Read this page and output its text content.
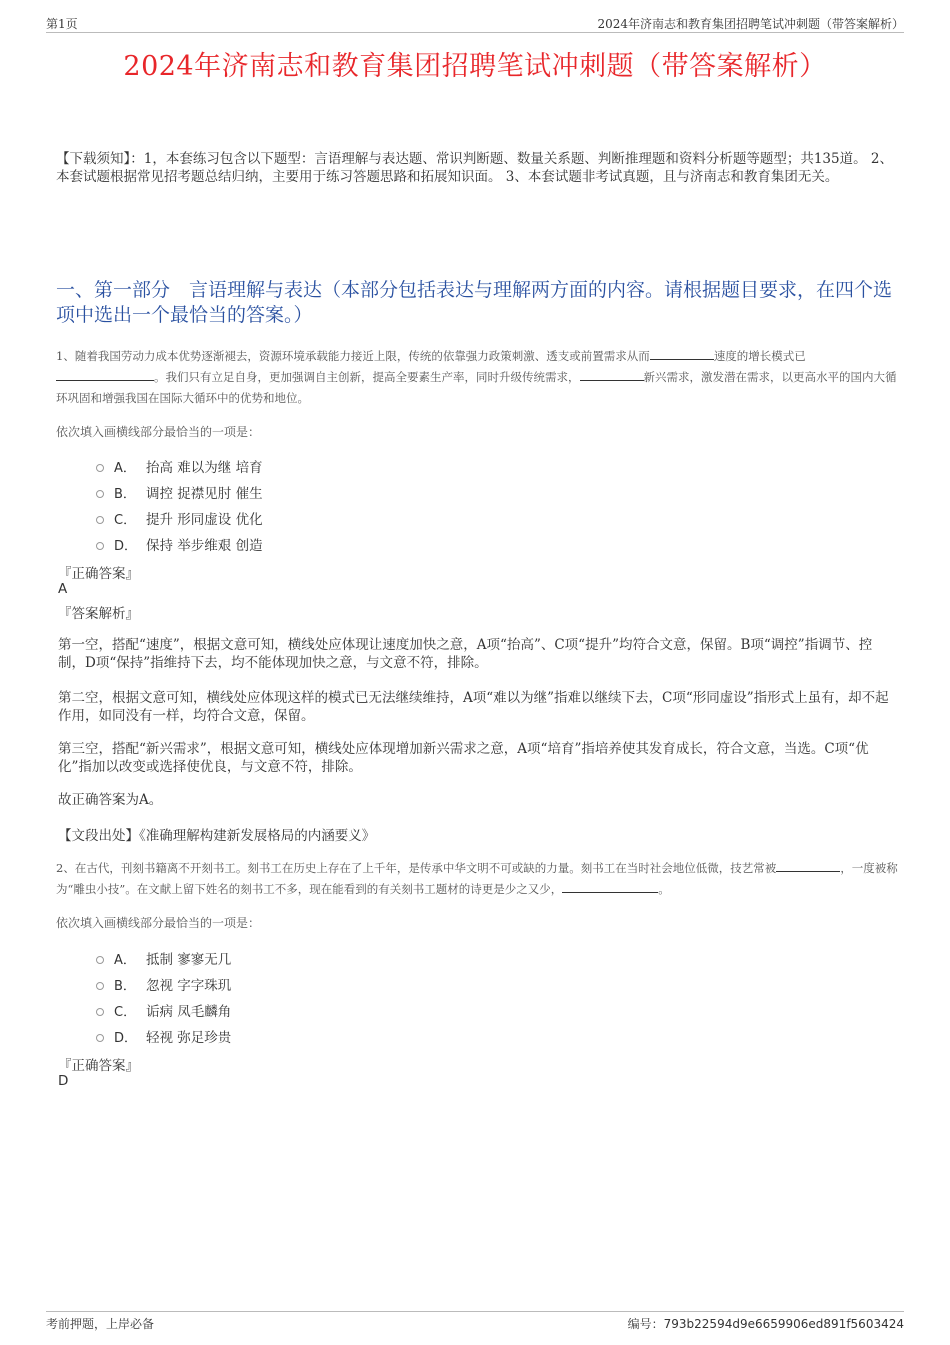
第1页	2024年济南志和教育集团招聘笔试冲刺题（带答案解析）
2024年济南志和教育集团招聘笔试冲刺题（带答案解析）
【下载须知】：1，本套练习包含以下题型：言语理解与表达题、常识判断题、数量关系题、判断推理题和资料分析题等题型；共135道。 2、本套试题根据常见招考题总结归纳，主要用于练习答题思路和拓展知识面。 3、本套试题非考试真题，且与济南志和教育集团无关。
一、第一部分　言语理解与表达（本部分包括表达与理解两方面的内容。请根据题目要求，在四个选项中选出一个最恰当的答案。）
1、随着我国劳动力成本优势逐渐褪去，资源环境承载能力接近上限，传统的依靠强力政策刺激、透支或前置需求从而	速度的增长模式已。我们只有立足自身，更加强调自主创新，提高全要素生产率，同时升级传统需求，	新兴需求，激发潜在需求，以更高水平的国内大循环巩固和增强我国在国际大循环中的优势和地位。
依次填入画横线部分最恰当的一项是：
A． 抬高 难以为继 培育
B． 调控 捉襟见肘 催生
C． 提升 形同虚设 优化
D． 保持 举步维艰 创造
『正确答案』
A
『答案解析』
第一空，搭配“速度”，根据文意可知，横线处应体现让速度加快之意，A项“抬高”、C项“提升”均符合文意，保留。B项“调控”指调节、控制，D项“保持”指维持下去，均不能体现加快之意，与文意不符，排除。
第二空，根据文意可知，横线处应体现这样的模式已无法继续维持，A项“难以为继”指难以继续下去，C项“形同虚设”指形式上虽有，却不起作用，如同没有一样，均符合文意，保留。
第三空，搭配“新兴需求”，根据文意可知，横线处应体现增加新兴需求之意，A项“培育”指培养使其发育成长，符合文意，当选。C项“优化”指加以改变或选择使优良，与文意不符，排除。
故正确答案为A。
【文段出处】《准确理解构建新发展格局的内涵要义》
2、在古代，刊刻书籍离不开刻书工。刻书工在历史上存在了上千年，是传承中华文明不可或缺的力量。刻书工在当时社会地位低微，技艺常被	，一度被称为“雕虫小技”。在文献上留下姓名的刻书工不多，现在能看到的有关刻书工题材的诗更是少之又少，	。
依次填入画横线部分最恰当的一项是：
A． 抵制 寥寥无几
B． 忽视 字字珠玑
C． 诟病 凤毛麟角
D． 轻视 弥足珍贵
『正确答案』
D
考前押题，上岸必备	编号：793b22594d9e6659906ed891f5603424
